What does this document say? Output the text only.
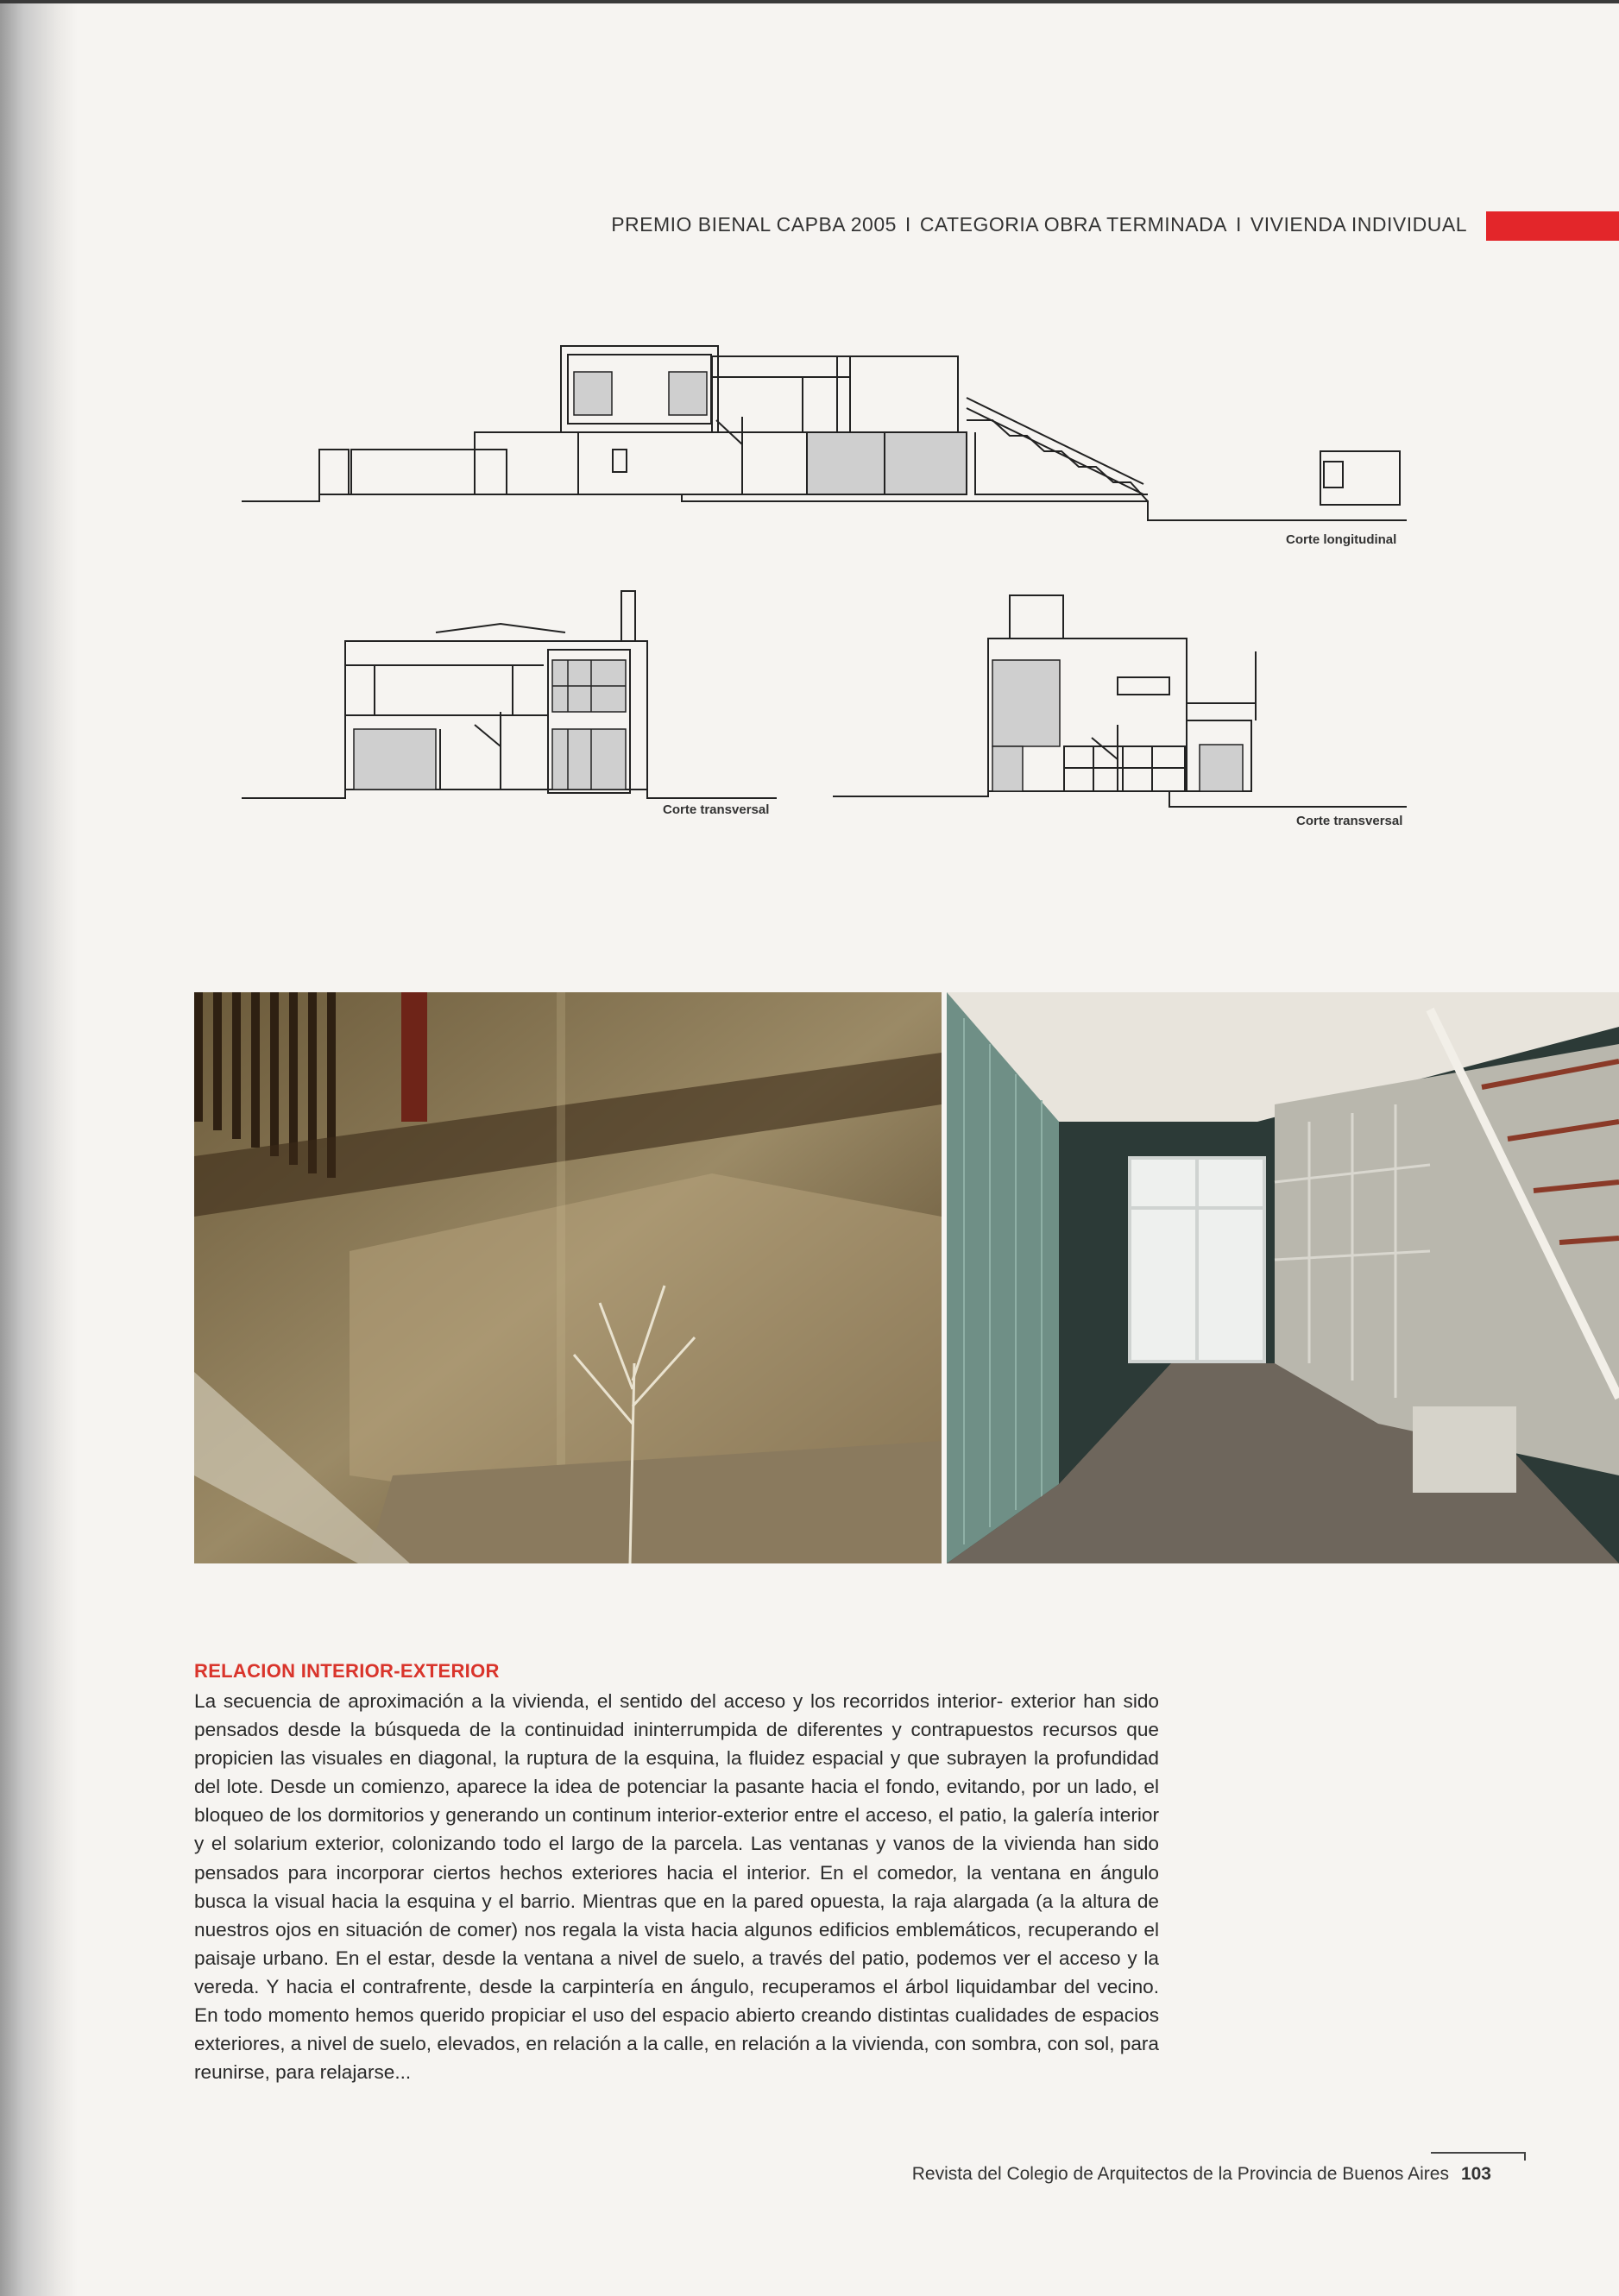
PREMIO BIENAL CAPBA 2005 I CATEGORIA OBRA TERMINADA I VIVIENDA INDIVIDUAL
Corte longitudinal
Corte transversal
Corte transversal
RELACION INTERIOR-EXTERIOR

La secuencia de aproximación a la vivienda, el sentido del acceso y los recorridos interior- exterior han sido pensados desde la búsqueda de la continuidad ininterrumpida de diferentes y contrapuestos recursos que propicien las visuales en diagonal, la ruptura de la esquina, la fluidez espacial y que subrayen la profundidad del lote. Desde un comienzo, aparece la idea de potenciar la pasante hacia el fondo, evitando, por un lado, el bloqueo de los dormitorios y generando un continum interior-exterior entre el acceso, el patio, la galería interior y el solarium exterior, colonizando todo el largo de la parcela. Las ventanas y vanos de la vivienda han sido pensados para incorporar ciertos hechos exteriores hacia el interior. En el comedor, la ventana en ángulo busca la visual hacia la esquina y el barrio. Mientras que en la pared opuesta, la raja alargada (a la altura de nuestros ojos en situación de comer) nos regala la vista hacia algunos edificios emblemáticos, recuperando el paisaje urbano. En el estar, desde la ventana a nivel de suelo, a través del patio, podemos ver el acceso y la vereda. Y hacia el contrafrente, desde la carpintería en ángulo, recuperamos el árbol liquidambar del vecino. En todo momento hemos querido propiciar el uso del espacio abierto creando distintas cualidades de espacios exteriores, a nivel de suelo, elevados, en relación a la calle, en relación a la vivienda, con sombra, con sol, para reunirse, para relajarse...

Revista del Colegio de Arquitectos de la Provincia de Buenos Aires 103
